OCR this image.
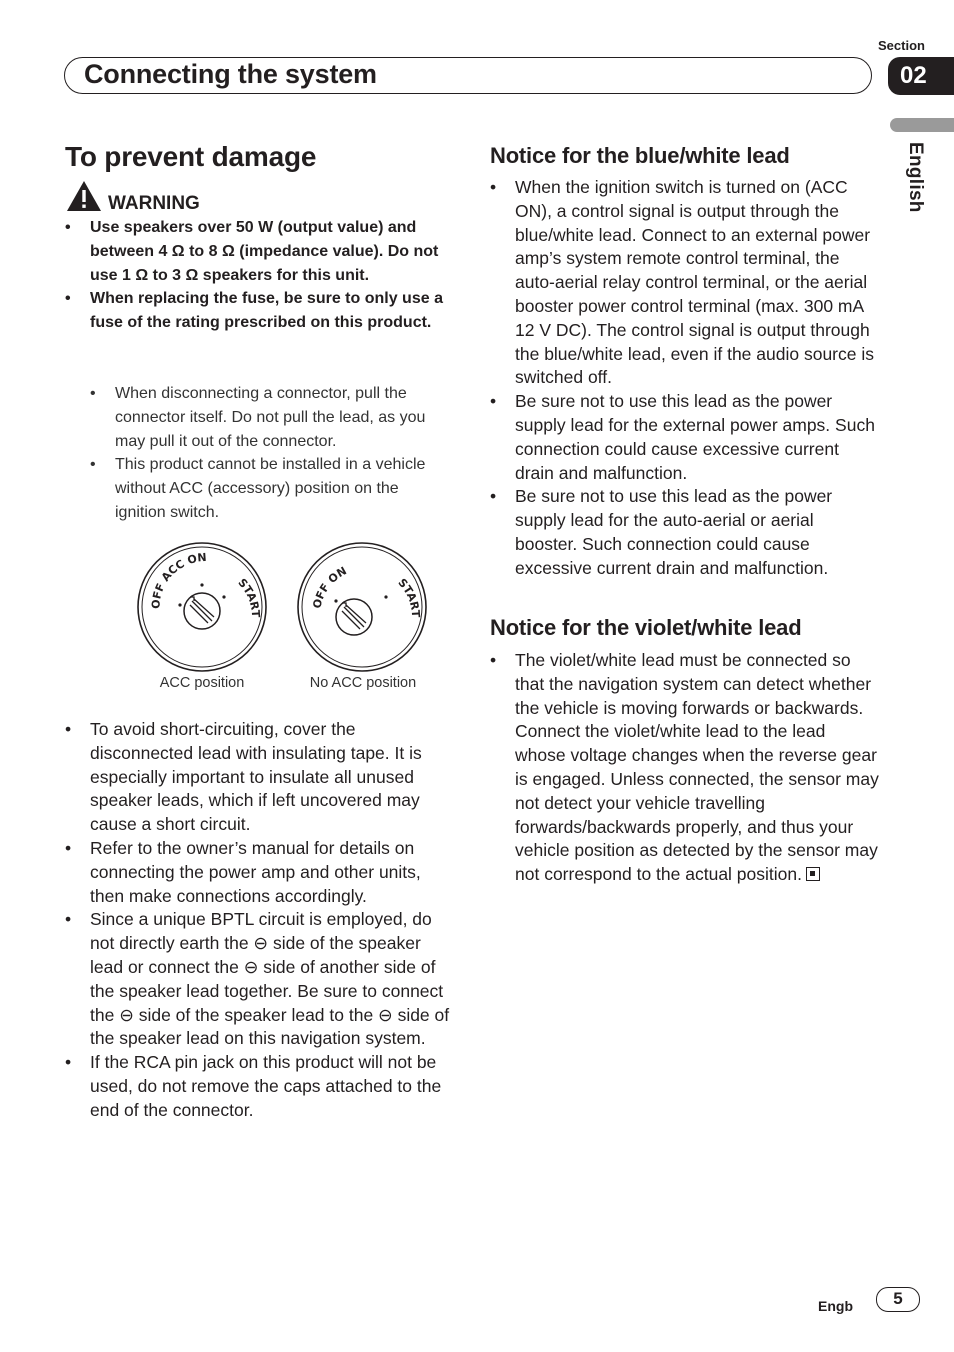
Section
Connecting the system	02
English
To prevent damage
WARNING
• Use speakers over 50 W (output value) and between 4 Ω to 8 Ω (impedance value). Do not use 1 Ω to 3 Ω speakers for this unit.
• When replacing the fuse, be sure to only use a fuse of the rating prescribed on this product.
• When disconnecting a connector, pull the connector itself. Do not pull the lead, as you may pull it out of the connector.
• This product cannot be installed in a vehicle without ACC (accessory) position on the ignition switch.
OFF ACC ON
START
OFF ON
START
ACC position	No ACC position
• To avoid short-circuiting, cover the disconnected lead with insulating tape. It is especially important to insulate all unused speaker leads, which if left uncovered may cause a short circuit.
• Refer to the owner’s manual for details on connecting the power amp and other units, then make connections accordingly.
• Since a unique BPTL circuit is employed, do not directly earth the ⊖ side of the speaker lead or connect the ⊖ side of another side of the speaker lead together. Be sure to connect the ⊖ side of the speaker lead to the ⊖ side of the speaker lead on this navigation system.
• If the RCA pin jack on this product will not be used, do not remove the caps attached to the end of the connector.
Notice for the blue/white lead
• When the ignition switch is turned on (ACC ON), a control signal is output through the blue/white lead. Connect to an external power amp’s system remote control terminal, the auto-aerial relay control terminal, or the aerial booster power control terminal (max. 300 mA 12 V DC). The control signal is output through the blue/white lead, even if the audio source is switched off.
• Be sure not to use this lead as the power supply lead for the external power amps. Such connection could cause excessive current drain and malfunction.
• Be sure not to use this lead as the power supply lead for the auto-aerial or aerial booster. Such connection could cause excessive current drain and malfunction.
Notice for the violet/white lead
• The violet/white lead must be connected so that the navigation system can detect whether the vehicle is moving forwards or backwards. Connect the violet/white lead to the lead whose voltage changes when the reverse gear is engaged. Unless connected, the sensor may not detect your vehicle travelling forwards/backwards properly, and thus your vehicle position as detected by the sensor may not correspond to the actual position.
Engb	5
